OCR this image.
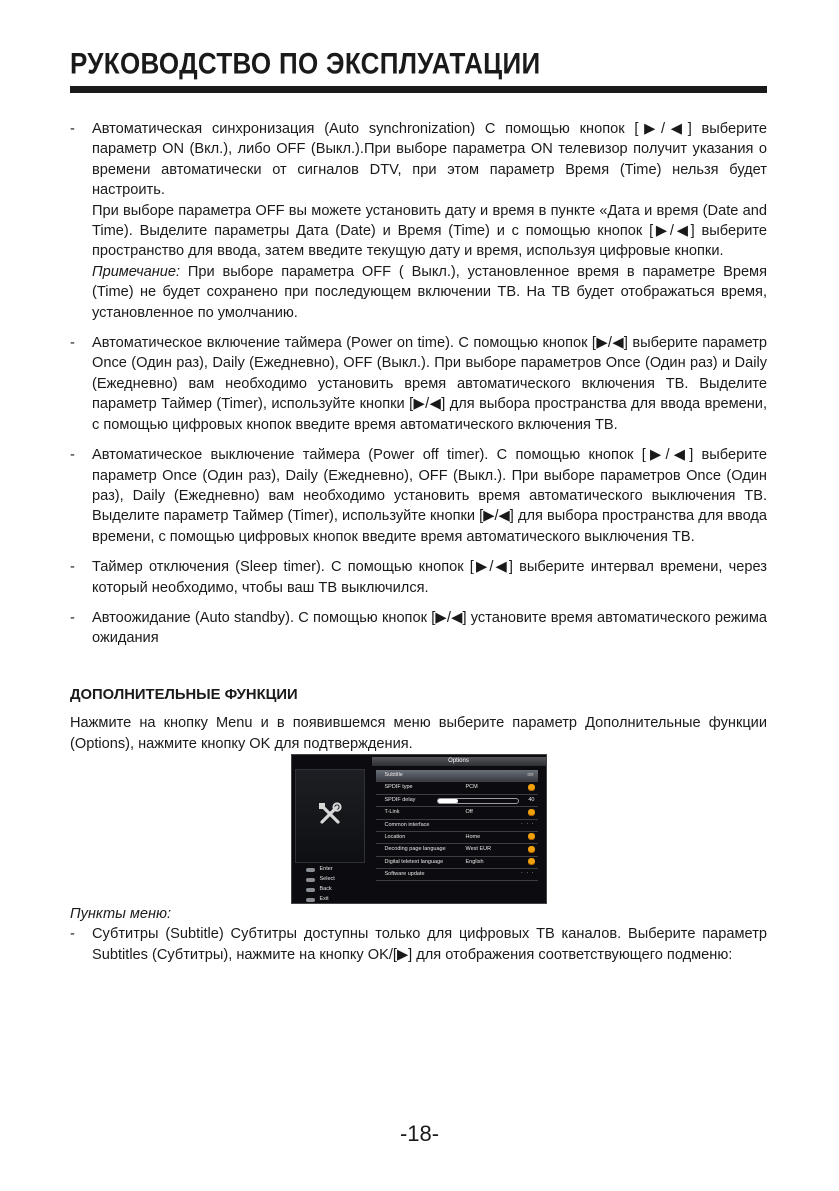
РУКОВОДСТВО ПО ЭКСПЛУАТАЦИИ
- Автоматическая синхронизация (Auto synchronization) С помощью кнопок [▶/◀] выберите параметр ON (Вкл.), либо OFF (Выкл.).При выборе параметра ON телевизор получит указания о времени автоматически от сигналов DTV, при этом параметр Время (Time) нельзя будет настроить.

При выборе параметра OFF вы можете установить дату и время в пункте «Дата и время (Date and Time). Выделите параметры Дата (Date) и Время (Time) и с помощью кнопок [▶/◀] выберите пространство для ввода, затем введите текущую дату и время, используя цифровые кнопки.

Примечание: При выборе параметра OFF ( Выкл.), установленное время в параметре Время (Time) не будет сохранено при последующем включении ТВ. На ТВ будет отображаться время, установленное по умолчанию.

- Автоматическое включение таймера (Power on time). С помощью кнопок [▶/◀] выберите параметр Once (Один раз), Daily (Ежедневно), OFF (Выкл.). При выборе параметров Once (Один раз) и Daily (Ежедневно) вам необходимо установить время автоматического включения ТВ. Выделите параметр Таймер (Timer), используйте кнопки [▶/◀] для выбора пространства для ввода времени, с помощью цифровых кнопок введите время автоматического включения ТВ.

- Автоматическое выключение таймера (Power off timer). С помощью кнопок [▶/◀] выберите параметр Once (Один раз), Daily (Ежедневно), OFF (Выкл.). При выборе параметров Once (Один раз), Daily (Ежедневно) вам необходимо установить время автоматического выключения ТВ. Выделите параметр Таймер (Timer), используйте кнопки [▶/◀] для выбора пространства для ввода времени, с помощью цифровых кнопок введите время автоматического выключения ТВ.

- Таймер отключения (Sleep timer). С помощью кнопок [▶/◀] выберите интервал времени, через который необходимо, чтобы ваш ТВ выключился.

- Автоожидание (Auto standby). С помощью кнопок [▶/◀] установите время автоматического режима ожидания

ДОПОЛНИТЕЛЬНЫЕ ФУНКЦИИ

Нажмите на кнопку Menu и в появившемся меню выберите параметр Дополнительные функции (Options), нажмите кнопку OK для подтверждения.

Options
Enter
Select
Back
Exit
Subtitle	on
SPDIF type	PCM
SPDIF delay	40
T-Link	Off
Common interface	· · ·
Location	Home
Decoding page language	West EUR
Digital teletext language	English
Software update	· · ·

Пункты меню:

- Субтитры (Subtitle) Субтитры доступны только для цифровых ТВ каналов. Выберите параметр Subtitles (Субтитры), нажмите на кнопку OK/[▶] для отображения соответствующего подменю:

-18-
